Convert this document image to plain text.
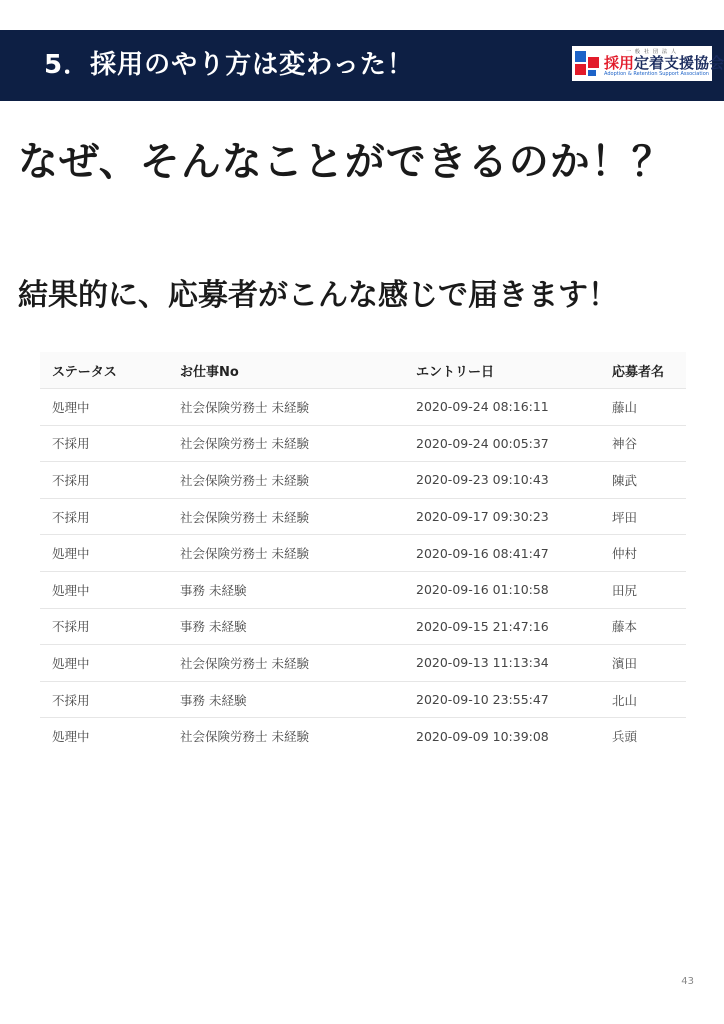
5．採用のやり方は変わった！	一般社団法人
採用定着支援協会
Adoption & Retention Support Association
なぜ、そんなことができるのか！？
結果的に、応募者がこんな感じで届きます！
ステータス	お仕事No	エントリー日	応募者名
処理中	社会保険労務士 未経験	2020-09-24 08:16:11	藤山
不採用	社会保険労務士 未経験	2020-09-24 00:05:37	神谷
不採用	社会保険労務士 未経験	2020-09-23 09:10:43	陳武
不採用	社会保険労務士 未経験	2020-09-17 09:30:23	坪田
処理中	社会保険労務士 未経験	2020-09-16 08:41:47	仲村
処理中	事務 未経験	2020-09-16 01:10:58	田尻
不採用	事務 未経験	2020-09-15 21:47:16	藤本
処理中	社会保険労務士 未経験	2020-09-13 11:13:34	濱田
不採用	事務 未経験	2020-09-10 23:55:47	北山
処理中	社会保険労務士 未経験	2020-09-09 10:39:08	兵頭
43
